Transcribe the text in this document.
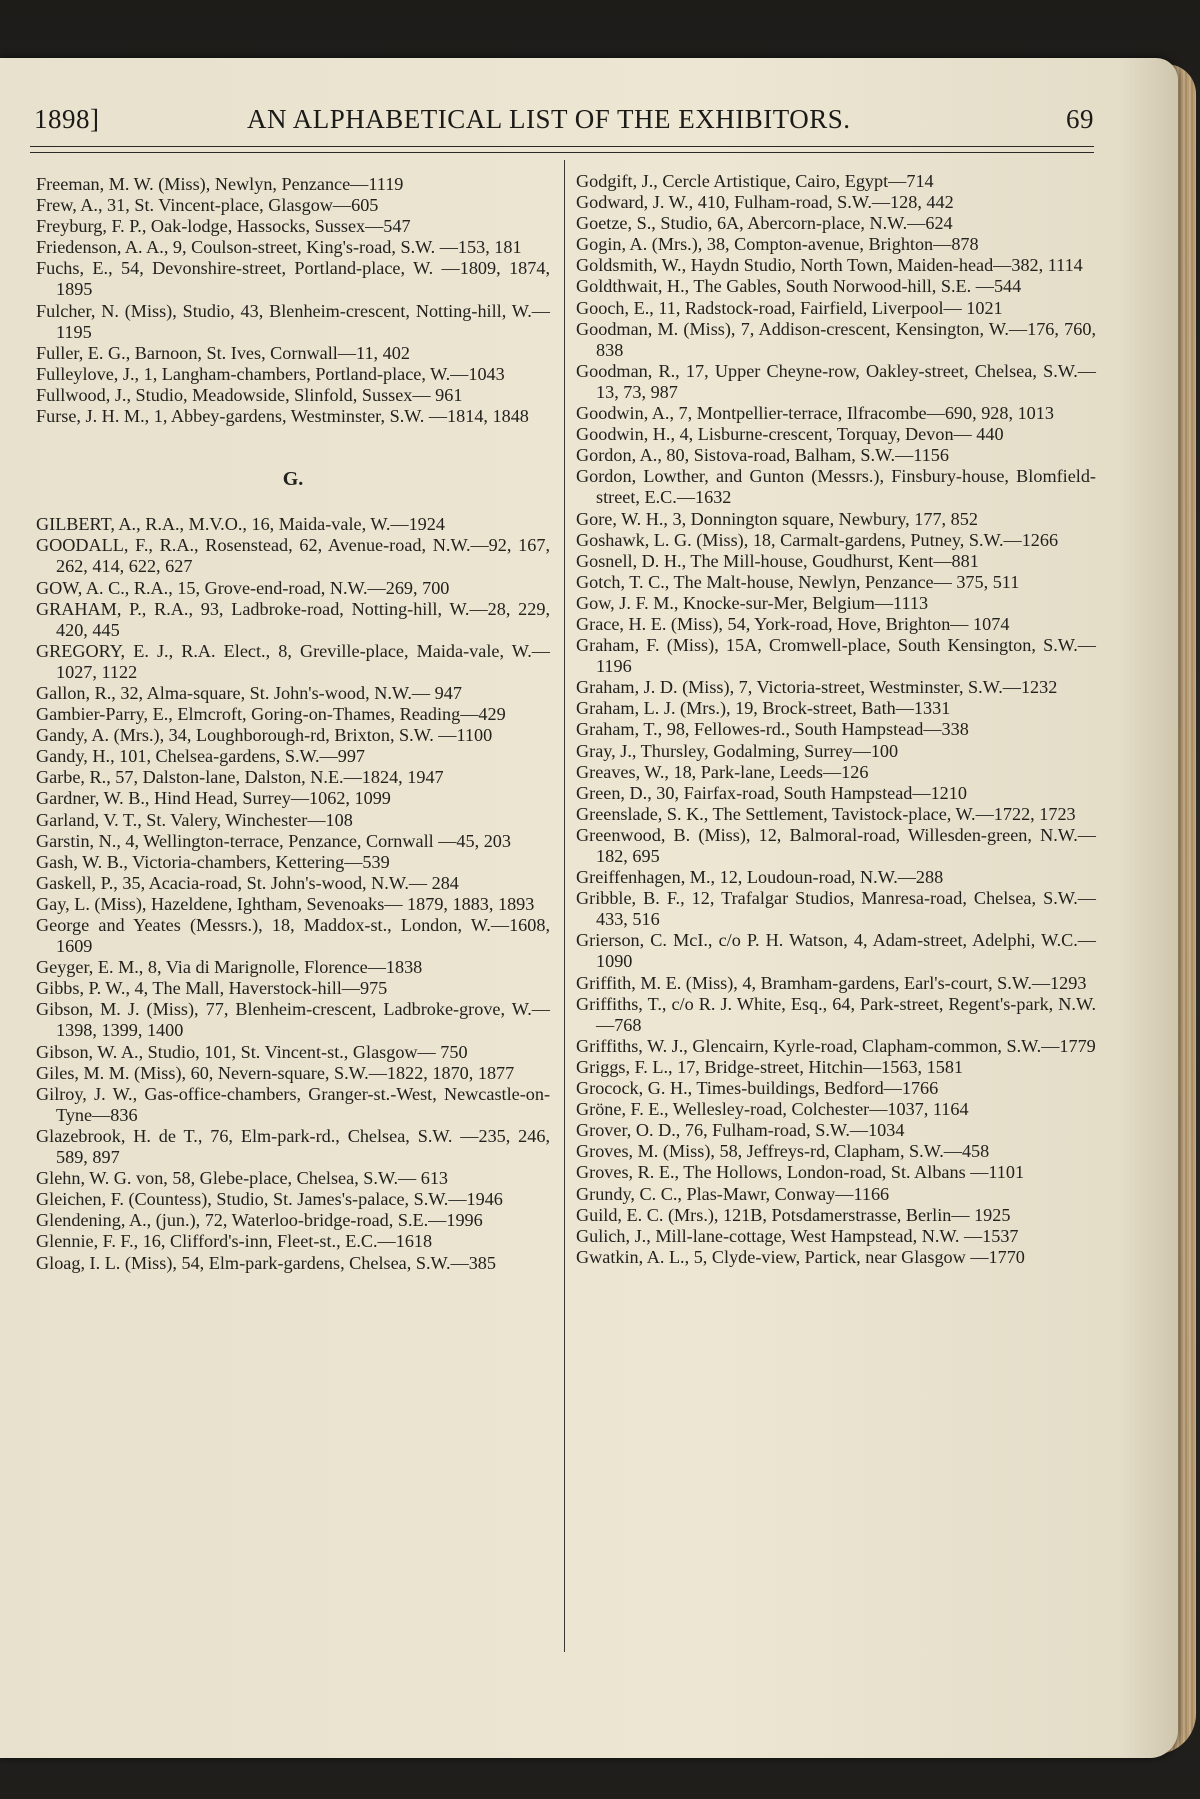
1898]	AN ALPHABETICAL LIST OF THE EXHIBITORS.	69
Freeman, M. W. (Miss), Newlyn, Penzance—1119
Frew, A., 31, St. Vincent-place, Glasgow—605
Freyburg, F. P., Oak-lodge, Hassocks, Sussex—547
Friedenson, A. A., 9, Coulson-street, King's-road, S.W. —153, 181
Fuchs, E., 54, Devonshire-street, Portland-place, W. —1809, 1874, 1895
Fulcher, N. (Miss), Studio, 43, Blenheim-crescent, Notting-hill, W.—1195
Fuller, E. G., Barnoon, St. Ives, Cornwall—11, 402
Fulleylove, J., 1, Langham-chambers, Portland-place, W.—1043
Fullwood, J., Studio, Meadowside, Slinfold, Sussex— 961
Furse, J. H. M., 1, Abbey-gardens, Westminster, S.W. —1814, 1848
G.
GILBERT, A., R.A., M.V.O., 16, Maida-vale, W.—1924
GOODALL, F., R.A., Rosenstead, 62, Avenue-road, N.W.—92, 167, 262, 414, 622, 627
GOW, A. C., R.A., 15, Grove-end-road, N.W.—269, 700
GRAHAM, P., R.A., 93, Ladbroke-road, Notting-hill, W.—28, 229, 420, 445
GREGORY, E. J., R.A. Elect., 8, Greville-place, Maida-vale, W.—1027, 1122
Gallon, R., 32, Alma-square, St. John's-wood, N.W.— 947
Gambier-Parry, E., Elmcroft, Goring-on-Thames, Reading—429
Gandy, A. (Mrs.), 34, Loughborough-rd, Brixton, S.W. —1100
Gandy, H., 101, Chelsea-gardens, S.W.—997
Garbe, R., 57, Dalston-lane, Dalston, N.E.—1824, 1947
Gardner, W. B., Hind Head, Surrey—1062, 1099
Garland, V. T., St. Valery, Winchester—108
Garstin, N., 4, Wellington-terrace, Penzance, Cornwall —45, 203
Gash, W. B., Victoria-chambers, Kettering—539
Gaskell, P., 35, Acacia-road, St. John's-wood, N.W.— 284
Gay, L. (Miss), Hazeldene, Ightham, Sevenoaks— 1879, 1883, 1893
George and Yeates (Messrs.), 18, Maddox-st., London, W.—1608, 1609
Geyger, E. M., 8, Via di Marignolle, Florence—1838
Gibbs, P. W., 4, The Mall, Haverstock-hill—975
Gibson, M. J. (Miss), 77, Blenheim-crescent, Ladbroke-grove, W.—1398, 1399, 1400
Gibson, W. A., Studio, 101, St. Vincent-st., Glasgow— 750
Giles, M. M. (Miss), 60, Nevern-square, S.W.—1822, 1870, 1877
Gilroy, J. W., Gas-office-chambers, Granger-st.-West, Newcastle-on-Tyne—836
Glazebrook, H. de T., 76, Elm-park-rd., Chelsea, S.W. —235, 246, 589, 897
Glehn, W. G. von, 58, Glebe-place, Chelsea, S.W.— 613
Gleichen, F. (Countess), Studio, St. James's-palace, S.W.—1946
Glendening, A., (jun.), 72, Waterloo-bridge-road, S.E.—1996
Glennie, F. F., 16, Clifford's-inn, Fleet-st., E.C.—1618
Gloag, I. L. (Miss), 54, Elm-park-gardens, Chelsea, S.W.—385
Godgift, J., Cercle Artistique, Cairo, Egypt—714
Godward, J. W., 410, Fulham-road, S.W.—128, 442
Goetze, S., Studio, 6A, Abercorn-place, N.W.—624
Gogin, A. (Mrs.), 38, Compton-avenue, Brighton—878
Goldsmith, W., Haydn Studio, North Town, Maiden-head—382, 1114
Goldthwait, H., The Gables, South Norwood-hill, S.E. —544
Gooch, E., 11, Radstock-road, Fairfield, Liverpool— 1021
Goodman, M. (Miss), 7, Addison-crescent, Kensington, W.—176, 760, 838
Goodman, R., 17, Upper Cheyne-row, Oakley-street, Chelsea, S.W.—13, 73, 987
Goodwin, A., 7, Montpellier-terrace, Ilfracombe—690, 928, 1013
Goodwin, H., 4, Lisburne-crescent, Torquay, Devon— 440
Gordon, A., 80, Sistova-road, Balham, S.W.—1156
Gordon, Lowther, and Gunton (Messrs.), Finsbury-house, Blomfield-street, E.C.—1632
Gore, W. H., 3, Donnington square, Newbury, 177, 852
Goshawk, L. G. (Miss), 18, Carmalt-gardens, Putney, S.W.—1266
Gosnell, D. H., The Mill-house, Goudhurst, Kent—881
Gotch, T. C., The Malt-house, Newlyn, Penzance— 375, 511
Gow, J. F. M., Knocke-sur-Mer, Belgium—1113
Grace, H. E. (Miss), 54, York-road, Hove, Brighton— 1074
Graham, F. (Miss), 15A, Cromwell-place, South Kensington, S.W.—1196
Graham, J. D. (Miss), 7, Victoria-street, Westminster, S.W.—1232
Graham, L. J. (Mrs.), 19, Brock-street, Bath—1331
Graham, T., 98, Fellowes-rd., South Hampstead—338
Gray, J., Thursley, Godalming, Surrey—100
Greaves, W., 18, Park-lane, Leeds—126
Green, D., 30, Fairfax-road, South Hampstead—1210
Greenslade, S. K., The Settlement, Tavistock-place, W.—1722, 1723
Greenwood, B. (Miss), 12, Balmoral-road, Willesden-green, N.W.—182, 695
Greiffenhagen, M., 12, Loudoun-road, N.W.—288
Gribble, B. F., 12, Trafalgar Studios, Manresa-road, Chelsea, S.W.—433, 516
Grierson, C. McI., c/o P. H. Watson, 4, Adam-street, Adelphi, W.C.—1090
Griffith, M. E. (Miss), 4, Bramham-gardens, Earl's-court, S.W.—1293
Griffiths, T., c/o R. J. White, Esq., 64, Park-street, Regent's-park, N.W.—768
Griffiths, W. J., Glencairn, Kyrle-road, Clapham-common, S.W.—1779
Griggs, F. L., 17, Bridge-street, Hitchin—1563, 1581
Grocock, G. H., Times-buildings, Bedford—1766
Gröne, F. E., Wellesley-road, Colchester—1037, 1164
Grover, O. D., 76, Fulham-road, S.W.—1034
Groves, M. (Miss), 58, Jeffreys-rd, Clapham, S.W.—458
Groves, R. E., The Hollows, London-road, St. Albans —1101
Grundy, C. C., Plas-Mawr, Conway—1166
Guild, E. C. (Mrs.), 121B, Potsdamerstrasse, Berlin— 1925
Gulich, J., Mill-lane-cottage, West Hampstead, N.W. —1537
Gwatkin, A. L., 5, Clyde-view, Partick, near Glasgow —1770
